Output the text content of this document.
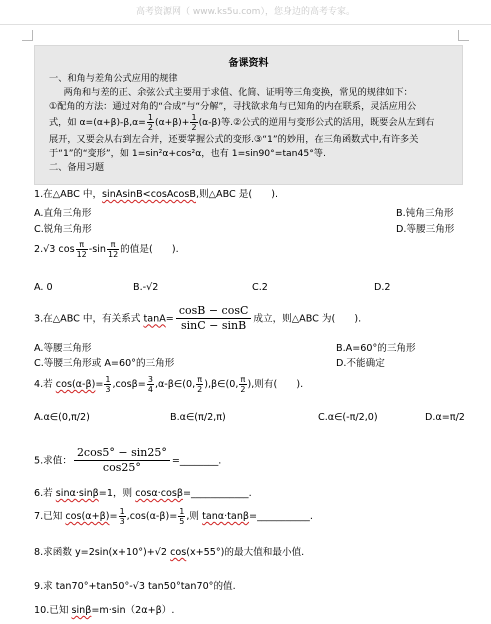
高考资源网（ www.ks5u.com），您身边的高考专家。
备课资料

一、和角与差角公式应用的规律

两角和与差的正、余弦公式主要用于求值、化简、证明等三角变换，常见的规律如下：

①配角的方法：通过对角的“合成”与“分解”，寻找欲求角与已知角的内在联系，灵活应用公

式，如 $\alpha=(\alpha+\beta)-\beta,\alpha= \frac{1}{2} (\alpha+\beta)+ \frac{1}{2} (\alpha-\beta)$等.②公式的逆用与变形公式的活用，既要会从左到右

展开，又要会从右到左合并，还要掌握公式的变形.③“1”的妙用，在三角函数式中,有许多关

于“1”的“变形”，如 1=sin²α+cos²α，也有 1=sin90°=tan45°等.

二、备用习题

1.在△ABC 中，sinAsinB<cosAcosB,则△ABC 是(　　).
A.直角三角形	B.钝角三角形
C.锐角三角形	D.等腰三角形
2.√3 $\cos \frac{\pi}{12} -\sin \frac{\pi}{12}$ 的值是(　　).
A. 0	B.-√2	C.2	D.2
3.在△ABC 中，有关系式 $\tan A= \frac{\cos B - \cos C}{\sin C - \sin B}$ 成立，则△ABC 为(　　).
A.等腰三角形	B.A=60°的三角形
C.等腰三角形或 A=60°的三角形	D.不能确定
4.若 $\cos(\alpha-\beta)= \frac{1}{3} ,\cos\beta= \frac{3}{4}$ ,α-β∈(0, $\frac{\pi}{2}$ ),β∈(0, $\frac{\pi}{2}$ ),则有(　　).
A.α∈(0,π/2)	B.α∈(π/2,π)	C.α∈(-π/2,0)	D.α=π/2
5.求值： $\frac{2\cos 5^\circ - \sin 25^\circ}{\cos 25^\circ}$ =________.
6.若 sinα·sinβ=1，则 cosα·cosβ=____________.
7.已知 $\cos(\alpha+\beta)= \frac{1}{3} ,\cos(\alpha-\beta)= \frac{1}{5}$ ,则 tanα·tanβ=___________.
8.求函数 y=2sin(x+10°)+√2 cos(x+55°)的最大值和最小值.
9.求 tan70°+tan50°-√3 tan50°tan70°的值.
10.已知 sinβ=m·sin（2α+β）.
